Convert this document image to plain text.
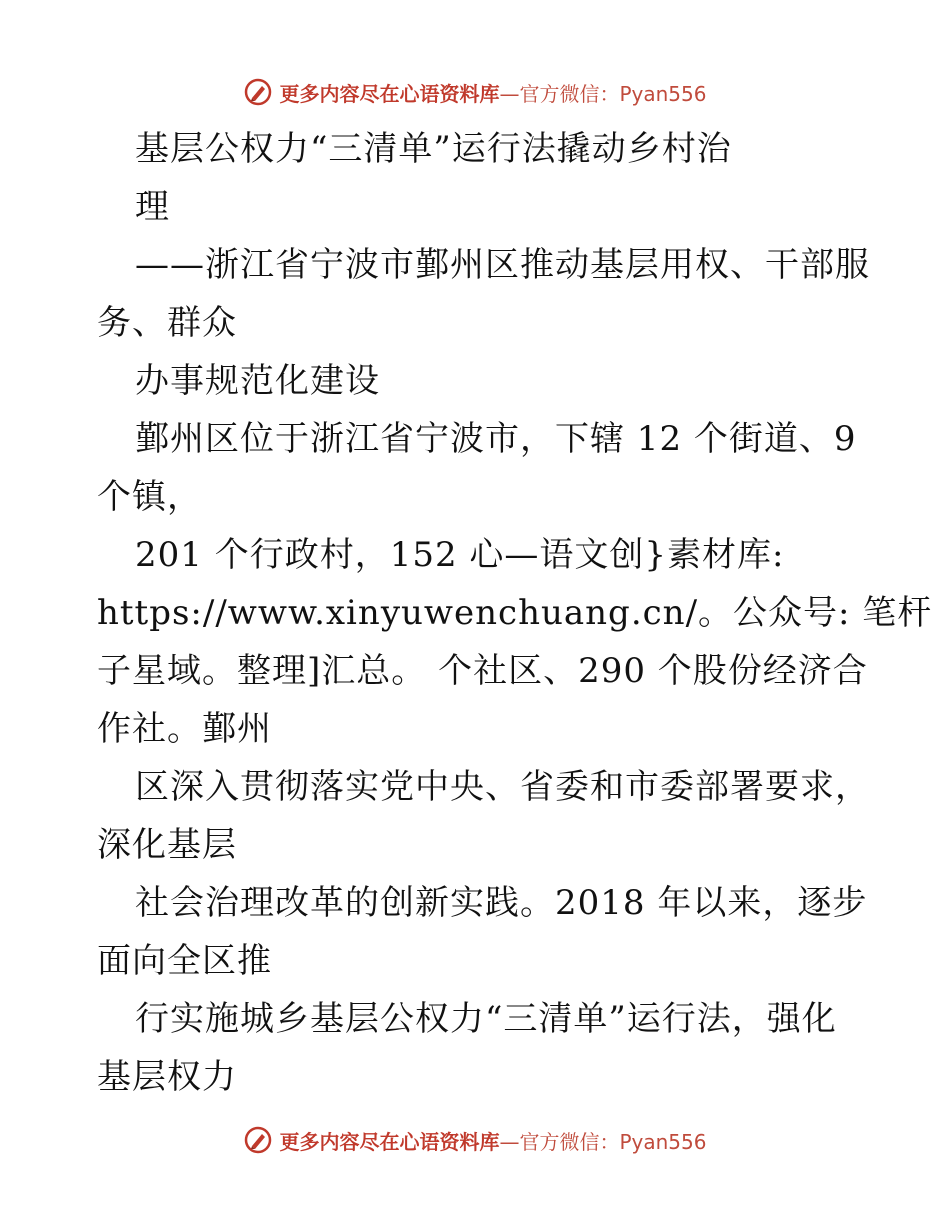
更多内容尽在心语资料库—官方微信：Pyan556
基层公权力“三清单”运行法撬动乡村治
理
——浙江省宁波市鄞州区推动基层用权、干部服
务、群众
办事规范化建设
鄞州区位于浙江省宁波市，下辖 12 个街道、9
个镇，
201 个行政村，152 心—语文创}素材库:
https://www.xinyuwenchuang.cn/。公众号: 笔杆
子星域。整理]汇总。 个社区、290 个股份经济合
作社。鄞州
区深入贯彻落实党中央、省委和市委部署要求，
深化基层
社会治理改革的创新实践。2018 年以来，逐步
面向全区推
行实施城乡基层公权力“三清单”运行法，强化
基层权力
更多内容尽在心语资料库—官方微信：Pyan556
